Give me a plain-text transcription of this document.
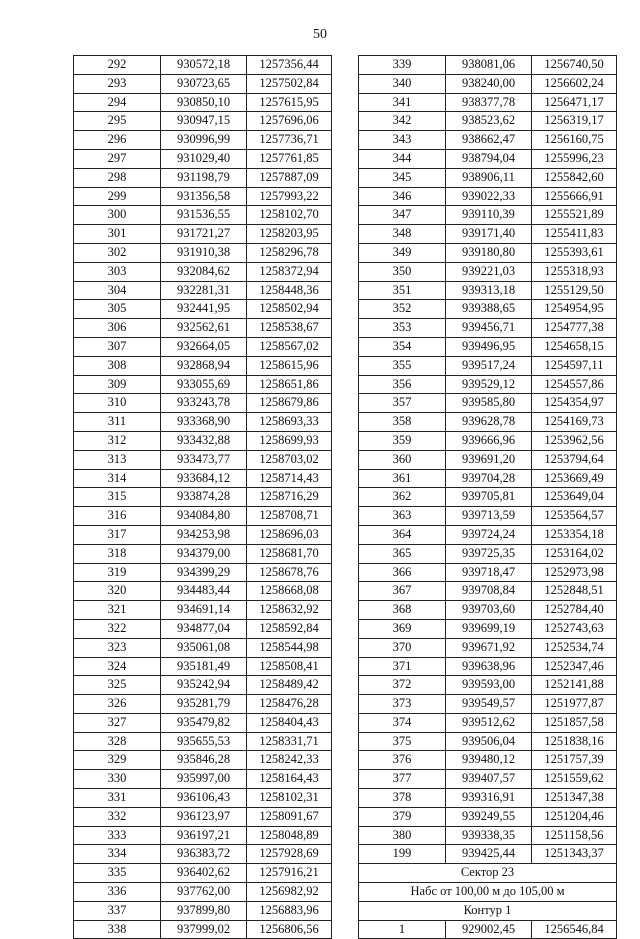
50
292	930572,18	1257356,44
293	930723,65	1257502,84
294	930850,10	1257615,95
295	930947,15	1257696,06
296	930996,99	1257736,71
297	931029,40	1257761,85
298	931198,79	1257887,09
299	931356,58	1257993,22
300	931536,55	1258102,70
301	931721,27	1258203,95
302	931910,38	1258296,78
303	932084,62	1258372,94
304	932281,31	1258448,36
305	932441,95	1258502,94
306	932562,61	1258538,67
307	932664,05	1258567,02
308	932868,94	1258615,96
309	933055,69	1258651,86
310	933243,78	1258679,86
311	933368,90	1258693,33
312	933432,88	1258699,93
313	933473,77	1258703,02
314	933684,12	1258714,43
315	933874,28	1258716,29
316	934084,80	1258708,71
317	934253,98	1258696,03
318	934379,00	1258681,70
319	934399,29	1258678,76
320	934483,44	1258668,08
321	934691,14	1258632,92
322	934877,04	1258592,84
323	935061,08	1258544,98
324	935181,49	1258508,41
325	935242,94	1258489,42
326	935281,79	1258476,28
327	935479,82	1258404,43
328	935655,53	1258331,71
329	935846,28	1258242,33
330	935997,00	1258164,43
331	936106,43	1258102,31
332	936123,97	1258091,67
333	936197,21	1258048,89
334	936383,72	1257928,69
335	936402,62	1257916,21
336	937762,00	1256982,92
337	937899,80	1256883,96
338	937999,02	1256806,56
339	938081,06	1256740,50
340	938240,00	1256602,24
341	938377,78	1256471,17
342	938523,62	1256319,17
343	938662,47	1256160,75
344	938794,04	1255996,23
345	938906,11	1255842,60
346	939022,33	1255666,91
347	939110,39	1255521,89
348	939171,40	1255411,83
349	939180,80	1255393,61
350	939221,03	1255318,93
351	939313,18	1255129,50
352	939388,65	1254954,95
353	939456,71	1254777,38
354	939496,95	1254658,15
355	939517,24	1254597,11
356	939529,12	1254557,86
357	939585,80	1254354,97
358	939628,78	1254169,73
359	939666,96	1253962,56
360	939691,20	1253794,64
361	939704,28	1253669,49
362	939705,81	1253649,04
363	939713,59	1253564,57
364	939724,24	1253354,18
365	939725,35	1253164,02
366	939718,47	1252973,98
367	939708,84	1252848,51
368	939703,60	1252784,40
369	939699,19	1252743,63
370	939671,92	1252534,74
371	939638,96	1252347,46
372	939593,00	1252141,88
373	939549,57	1251977,87
374	939512,62	1251857,58
375	939506,04	1251838,16
376	939480,12	1251757,39
377	939407,57	1251559,62
378	939316,91	1251347,38
379	939249,55	1251204,46
380	939338,35	1251158,56
199	939425,44	1251343,37
Сектор 23		
Набс от 100,00 м до 105,00 м		
Контур 1		
1	929002,45	1256546,84
